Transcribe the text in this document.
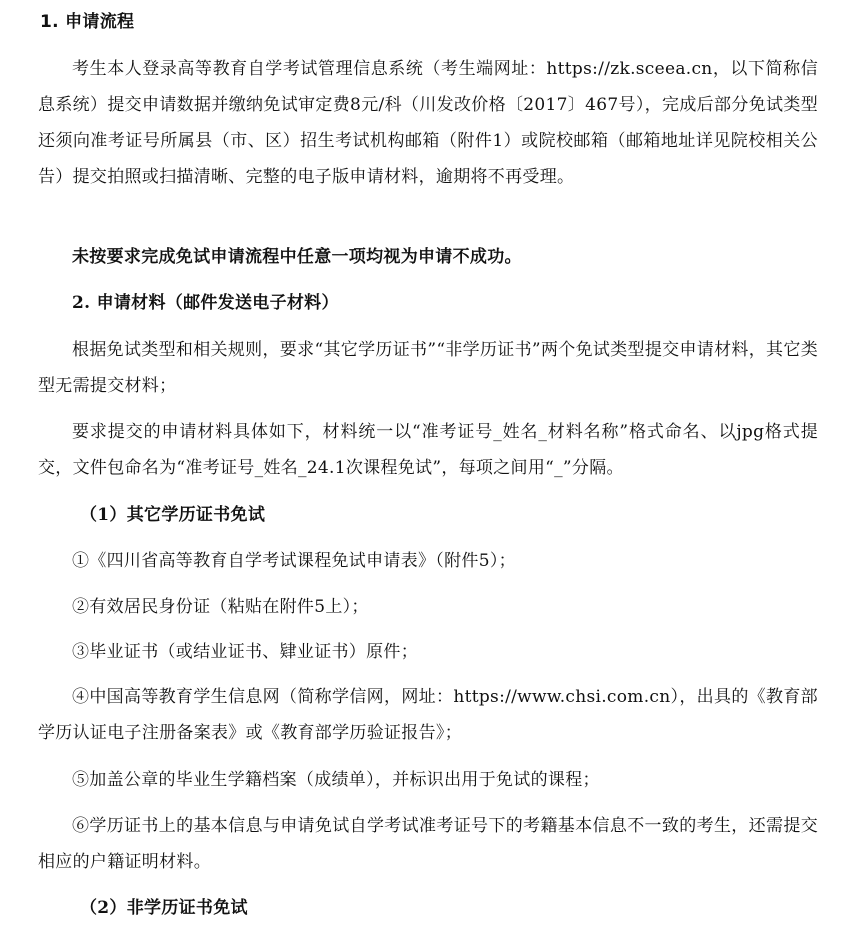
1. 申请流程
考生本人登录高等教育自学考试管理信息系统（考生端网址：https://zk.sceea.cn，以下简称信息系统）提交申请数据并缴纳免试审定费8元/科（川发改价格〔2017〕467号），完成后部分免试类型还须向准考证号所属县（市、区）招生考试机构邮箱（附件1）或院校邮箱（邮箱地址详见院校相关公告）提交拍照或扫描清晰、完整的电子版申请材料，逾期将不再受理。
未按要求完成免试申请流程中任意一项均视为申请不成功。
2. 申请材料（邮件发送电子材料）
根据免试类型和相关规则，要求“其它学历证书”“非学历证书”两个免试类型提交申请材料，其它类型无需提交材料；
要求提交的申请材料具体如下，材料统一以“准考证号_姓名_材料名称”格式命名、以jpg格式提交，文件包命名为“准考证号_姓名_24.1次课程免试”，每项之间用“_”分隔。
（1）其它学历证书免试
①《四川省高等教育自学考试课程免试申请表》（附件5）；
②有效居民身份证（粘贴在附件5上）；
③毕业证书（或结业证书、肄业证书）原件；
④中国高等教育学生信息网（简称学信网，网址：https://www.chsi.com.cn），出具的《教育部学历认证电子注册备案表》或《教育部学历验证报告》；
⑤加盖公章的毕业生学籍档案（成绩单），并标识出用于免试的课程；
⑥学历证书上的基本信息与申请免试自学考试准考证号下的考籍基本信息不一致的考生，还需提交相应的户籍证明材料。
（2）非学历证书免试
